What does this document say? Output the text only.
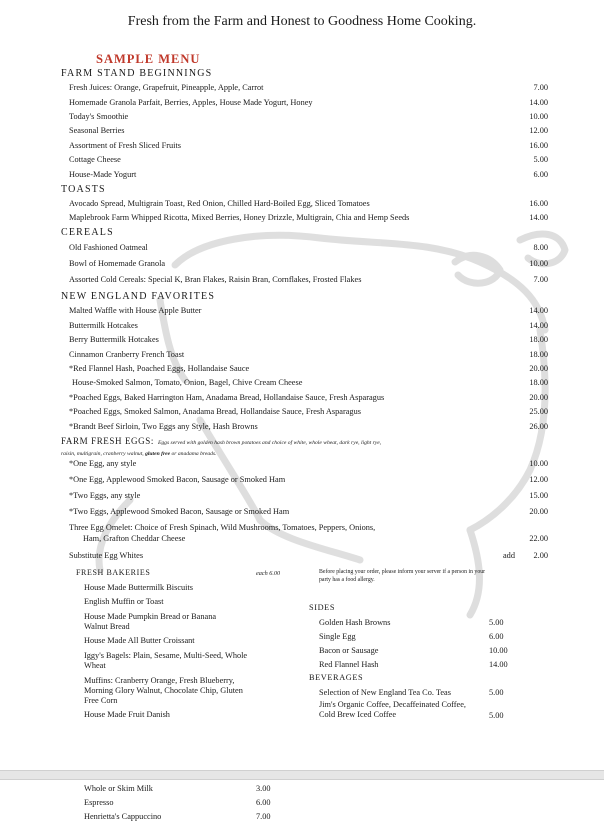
Fresh from the Farm and Honest to Goodness Home Cooking.
SAMPLE MENU
FARM STAND BEGINNINGS
Fresh Juices: Orange, Grapefruit, Pineapple, Apple, Carrot	7.00
Homemade Granola Parfait, Berries, Apples, House Made Yogurt, Honey	14.00
Today's Smoothie	10.00
Seasonal Berries	12.00
Assortment of Fresh Sliced Fruits	16.00
Cottage Cheese	5.00
House-Made Yogurt	6.00
TOASTS
Avocado Spread, Multigrain Toast, Red Onion, Chilled Hard-Boiled Egg, Sliced Tomatoes	16.00
Maplebrook Farm Whipped Ricotta, Mixed Berries, Honey Drizzle, Multigrain, Chia and Hemp Seeds	14.00
CEREALS
Old Fashioned Oatmeal	8.00
Bowl of Homemade Granola	10.00
Assorted Cold Cereals: Special K, Bran Flakes, Raisin Bran, Cornflakes, Frosted Flakes	7.00
NEW ENGLAND FAVORITES
Malted Waffle with House Apple Butter	14.00
Buttermilk Hotcakes	14.00
Berry Buttermilk Hotcakes	18.00
Cinnamon Cranberry French Toast	18.00
*Red Flannel Hash, Poached Eggs, Hollandaise Sauce	20.00
House-Smoked Salmon, Tomato, Onion, Bagel, Chive Cream Cheese	18.00
*Poached Eggs, Baked Harrington Ham, Anadama Bread, Hollandaise Sauce, Fresh Asparagus	20.00
*Poached Eggs, Smoked Salmon, Anadama Bread, Hollandaise Sauce, Fresh Asparagus	25.00
*Brandt Beef Sirloin, Two Eggs any Style, Hash Browns	26.00
FARM FRESH EGGS: Eggs served with golden hash brown potatoes and choice of white, whole wheat, dark rye, light rye, raisin, multigrain, cranberry walnut, gluten free or anadama breads.
*One Egg, any style	10.00
*One Egg, Applewood Smoked Bacon, Sausage or Smoked Ham	12.00
*Two Eggs, any style	15.00
*Two Eggs, Applewood Smoked Bacon, Sausage or Smoked Ham	20.00
Three Egg Omelet: Choice of Fresh Spinach, Wild Mushrooms, Tomatoes, Peppers, Onions,
Ham, Grafton Cheddar Cheese	22.00
Substitute Egg Whites	add	2.00
FRESH BAKERIES	each 6.00
House Made Buttermilk Biscuits
English Muffin or Toast
House Made Pumpkin Bread or Banana Walnut Bread
House Made All Butter Croissant
Iggy's Bagels: Plain, Sesame, Multi-Seed, Whole Wheat
Muffins: Cranberry Orange, Fresh Blueberry, Morning Glory Walnut, Chocolate Chip, Gluten Free Corn
House Made Fruit Danish
Before placing your order, please inform your server if a person in your party has a food allergy.
SIDES
Golden Hash Browns	5.00
Single Egg	6.00
Bacon or Sausage	10.00
Red Flannel Hash	14.00
BEVERAGES
Selection of New England Tea Co. Teas	5.00
Jim's Organic Coffee, Decaffeinated Coffee, Cold Brew Iced Coffee	5.00
Whole or Skim Milk	3.00
Espresso	6.00
Henrietta's Cappuccino	7.00
